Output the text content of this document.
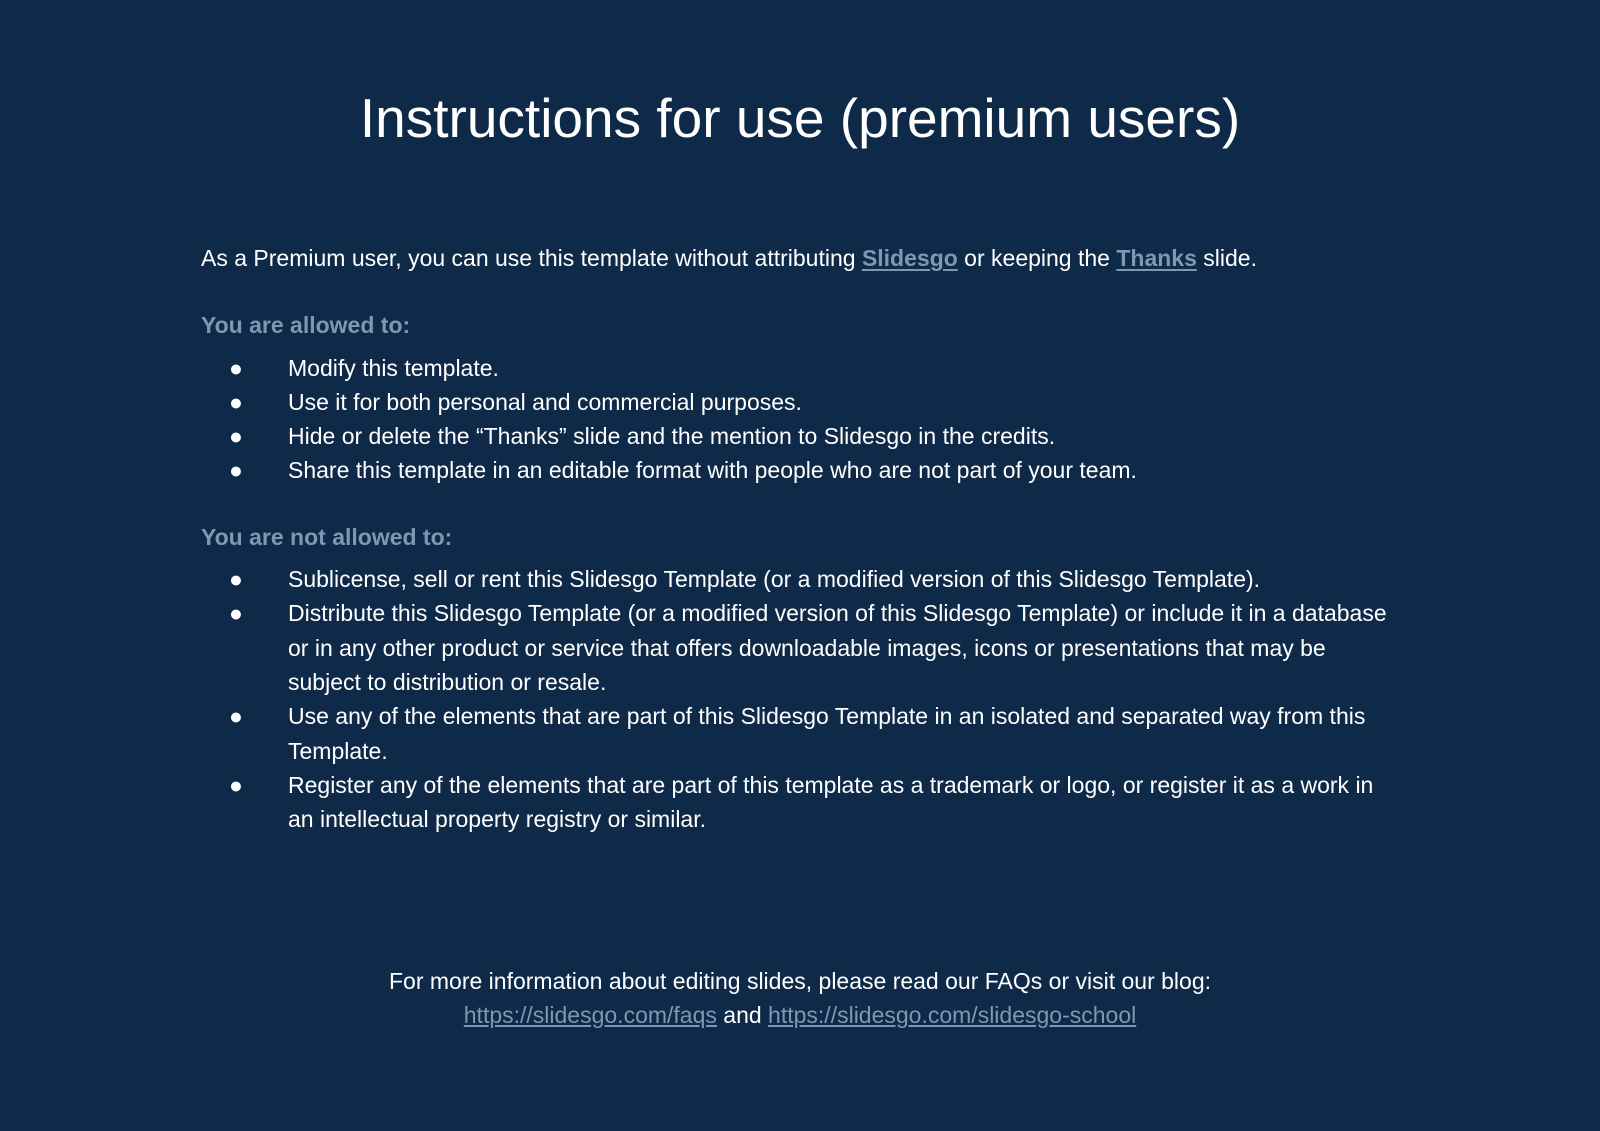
Instructions for use (premium users)

As a Premium user, you can use this template without attributing Slidesgo or keeping the Thanks slide.

You are allowed to:
● Modify this template.
● Use it for both personal and commercial purposes.
● Hide or delete the “Thanks” slide and the mention to Slidesgo in the credits.
● Share this template in an editable format with people who are not part of your team.
You are not allowed to:
● Sublicense, sell or rent this Slidesgo Template (or a modified version of this Slidesgo Template).
● Distribute this Slidesgo Template (or a modified version of this Slidesgo Template) or include it in a database or in any other product or service that offers downloadable images, icons or presentations that may be subject to distribution or resale.
● Use any of the elements that are part of this Slidesgo Template in an isolated and separated way from this Template.
● Register any of the elements that are part of this template as a trademark or logo, or register it as a work in an intellectual property registry or similar.
For more information about editing slides, please read our FAQs or visit our blog:
https://slidesgo.com/faqs and https://slidesgo.com/slidesgo-school
